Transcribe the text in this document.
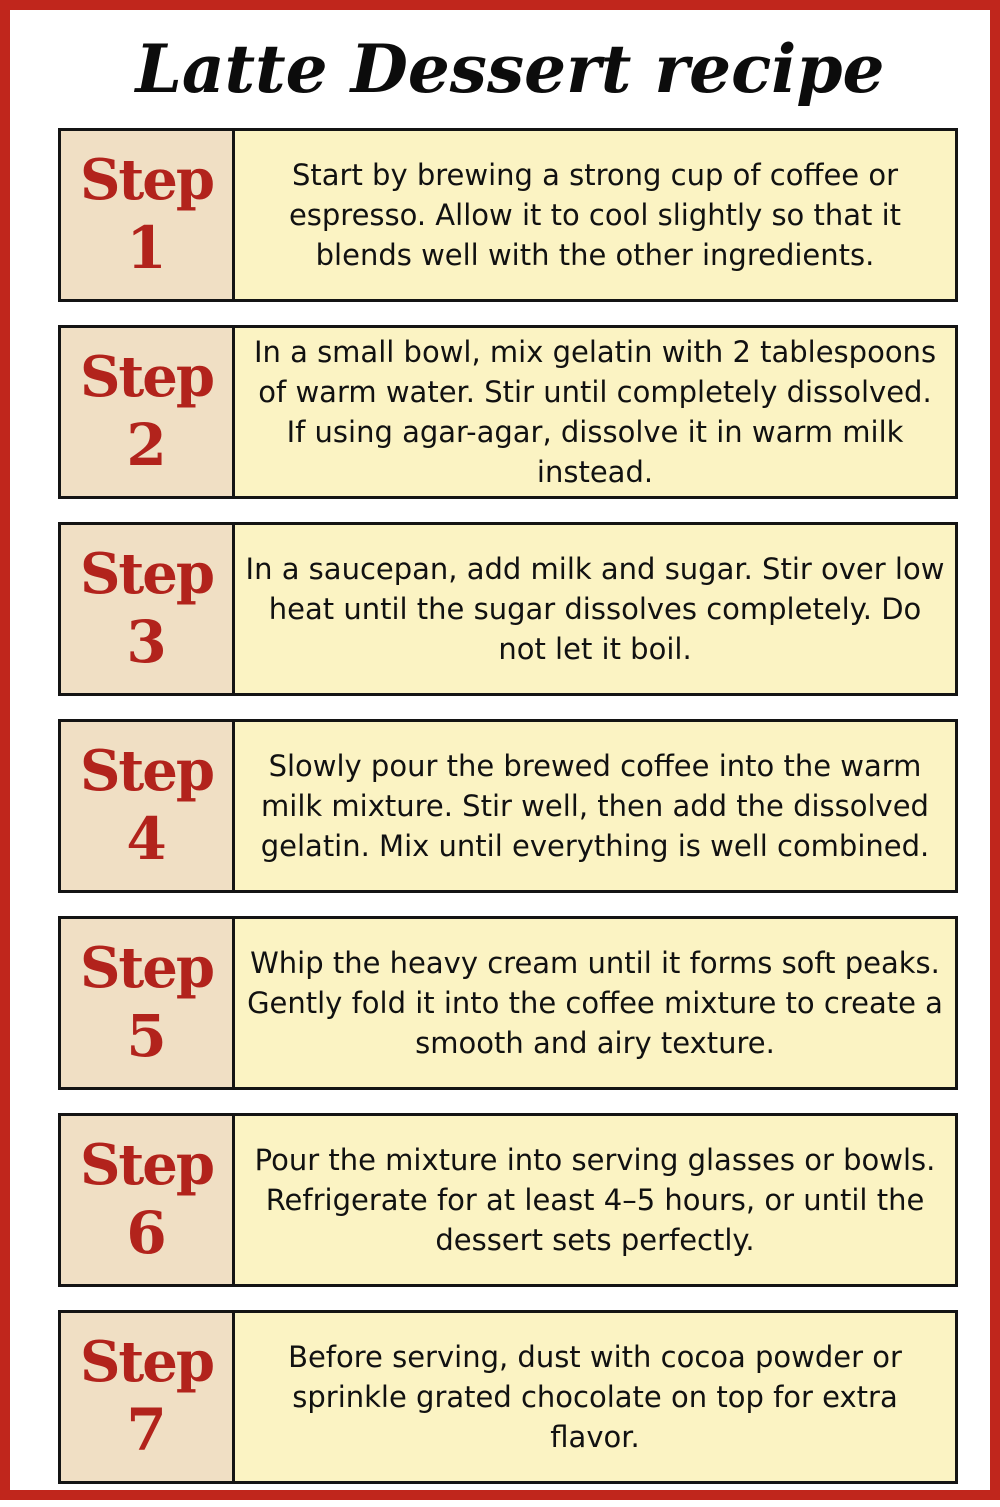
Latte Dessert recipe
Step
1
Start by brewing a strong cup of coffee or espresso. Allow it to cool slightly so that it blends well with the other ingredients.
Step
2
In a small bowl, mix gelatin with 2 tablespoons of warm water. Stir until completely dissolved. If using agar-agar, dissolve it in warm milk instead.
Step
3
In a saucepan, add milk and sugar. Stir over low heat until the sugar dissolves completely. Do not let it boil.
Step
4
Slowly pour the brewed coffee into the warm milk mixture. Stir well, then add the dissolved gelatin. Mix until everything is well combined.
Step
5
Whip the heavy cream until it forms soft peaks. Gently fold it into the coffee mixture to create a smooth and airy texture.
Step
6
Pour the mixture into serving glasses or bowls. Refrigerate for at least 4–5 hours, or until the dessert sets perfectly.
Step
7
Before serving, dust with cocoa powder or sprinkle grated chocolate on top for extra flavor.
